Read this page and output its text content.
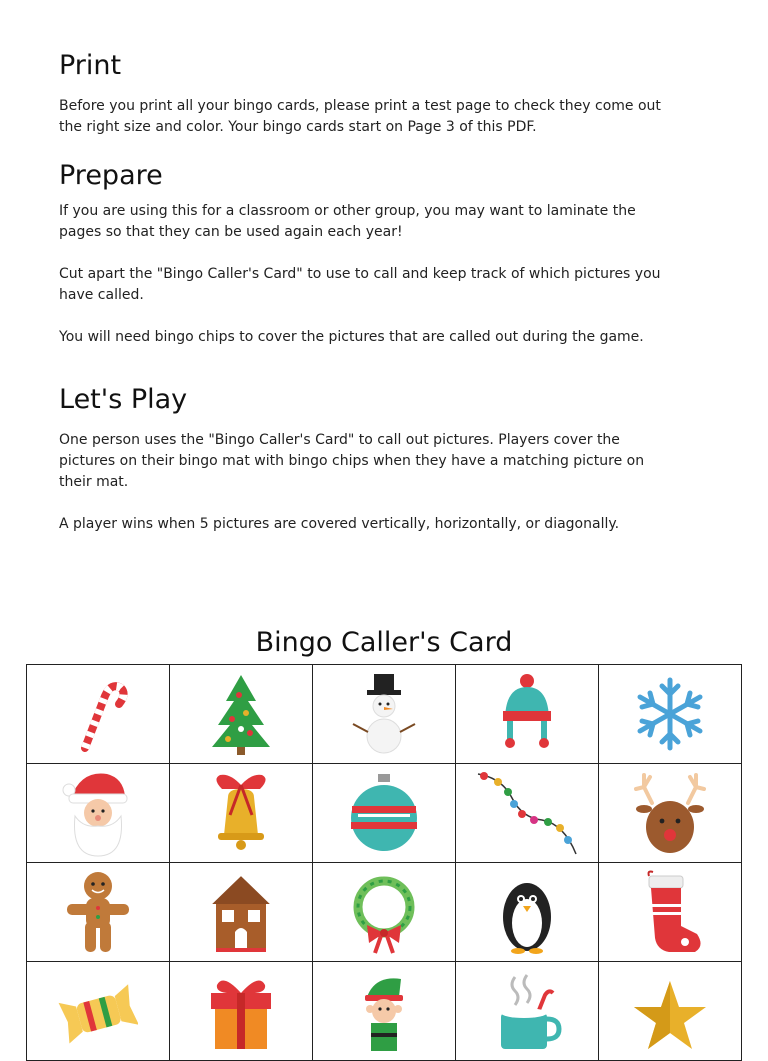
Print

Before you print all your bingo cards, please print a test page to check they come out the right size and color. Your bingo cards start on Page 3 of this PDF.

Prepare

If you are using this for a classroom or other group, you may want to laminate the pages so that they can be used again each year!

Cut apart the "Bingo Caller's Card" to use to call and keep track of which pictures you have called.

You will need bingo chips to cover the pictures that are called out during the game.

Let's Play

One person uses the "Bingo Caller's Card" to call out pictures. Players cover the pictures on their bingo mat with bingo chips when they have a matching picture on their mat.

A player wins when 5 pictures are covered vertically, horizontally, or diagonally.

Bingo Caller's Card
